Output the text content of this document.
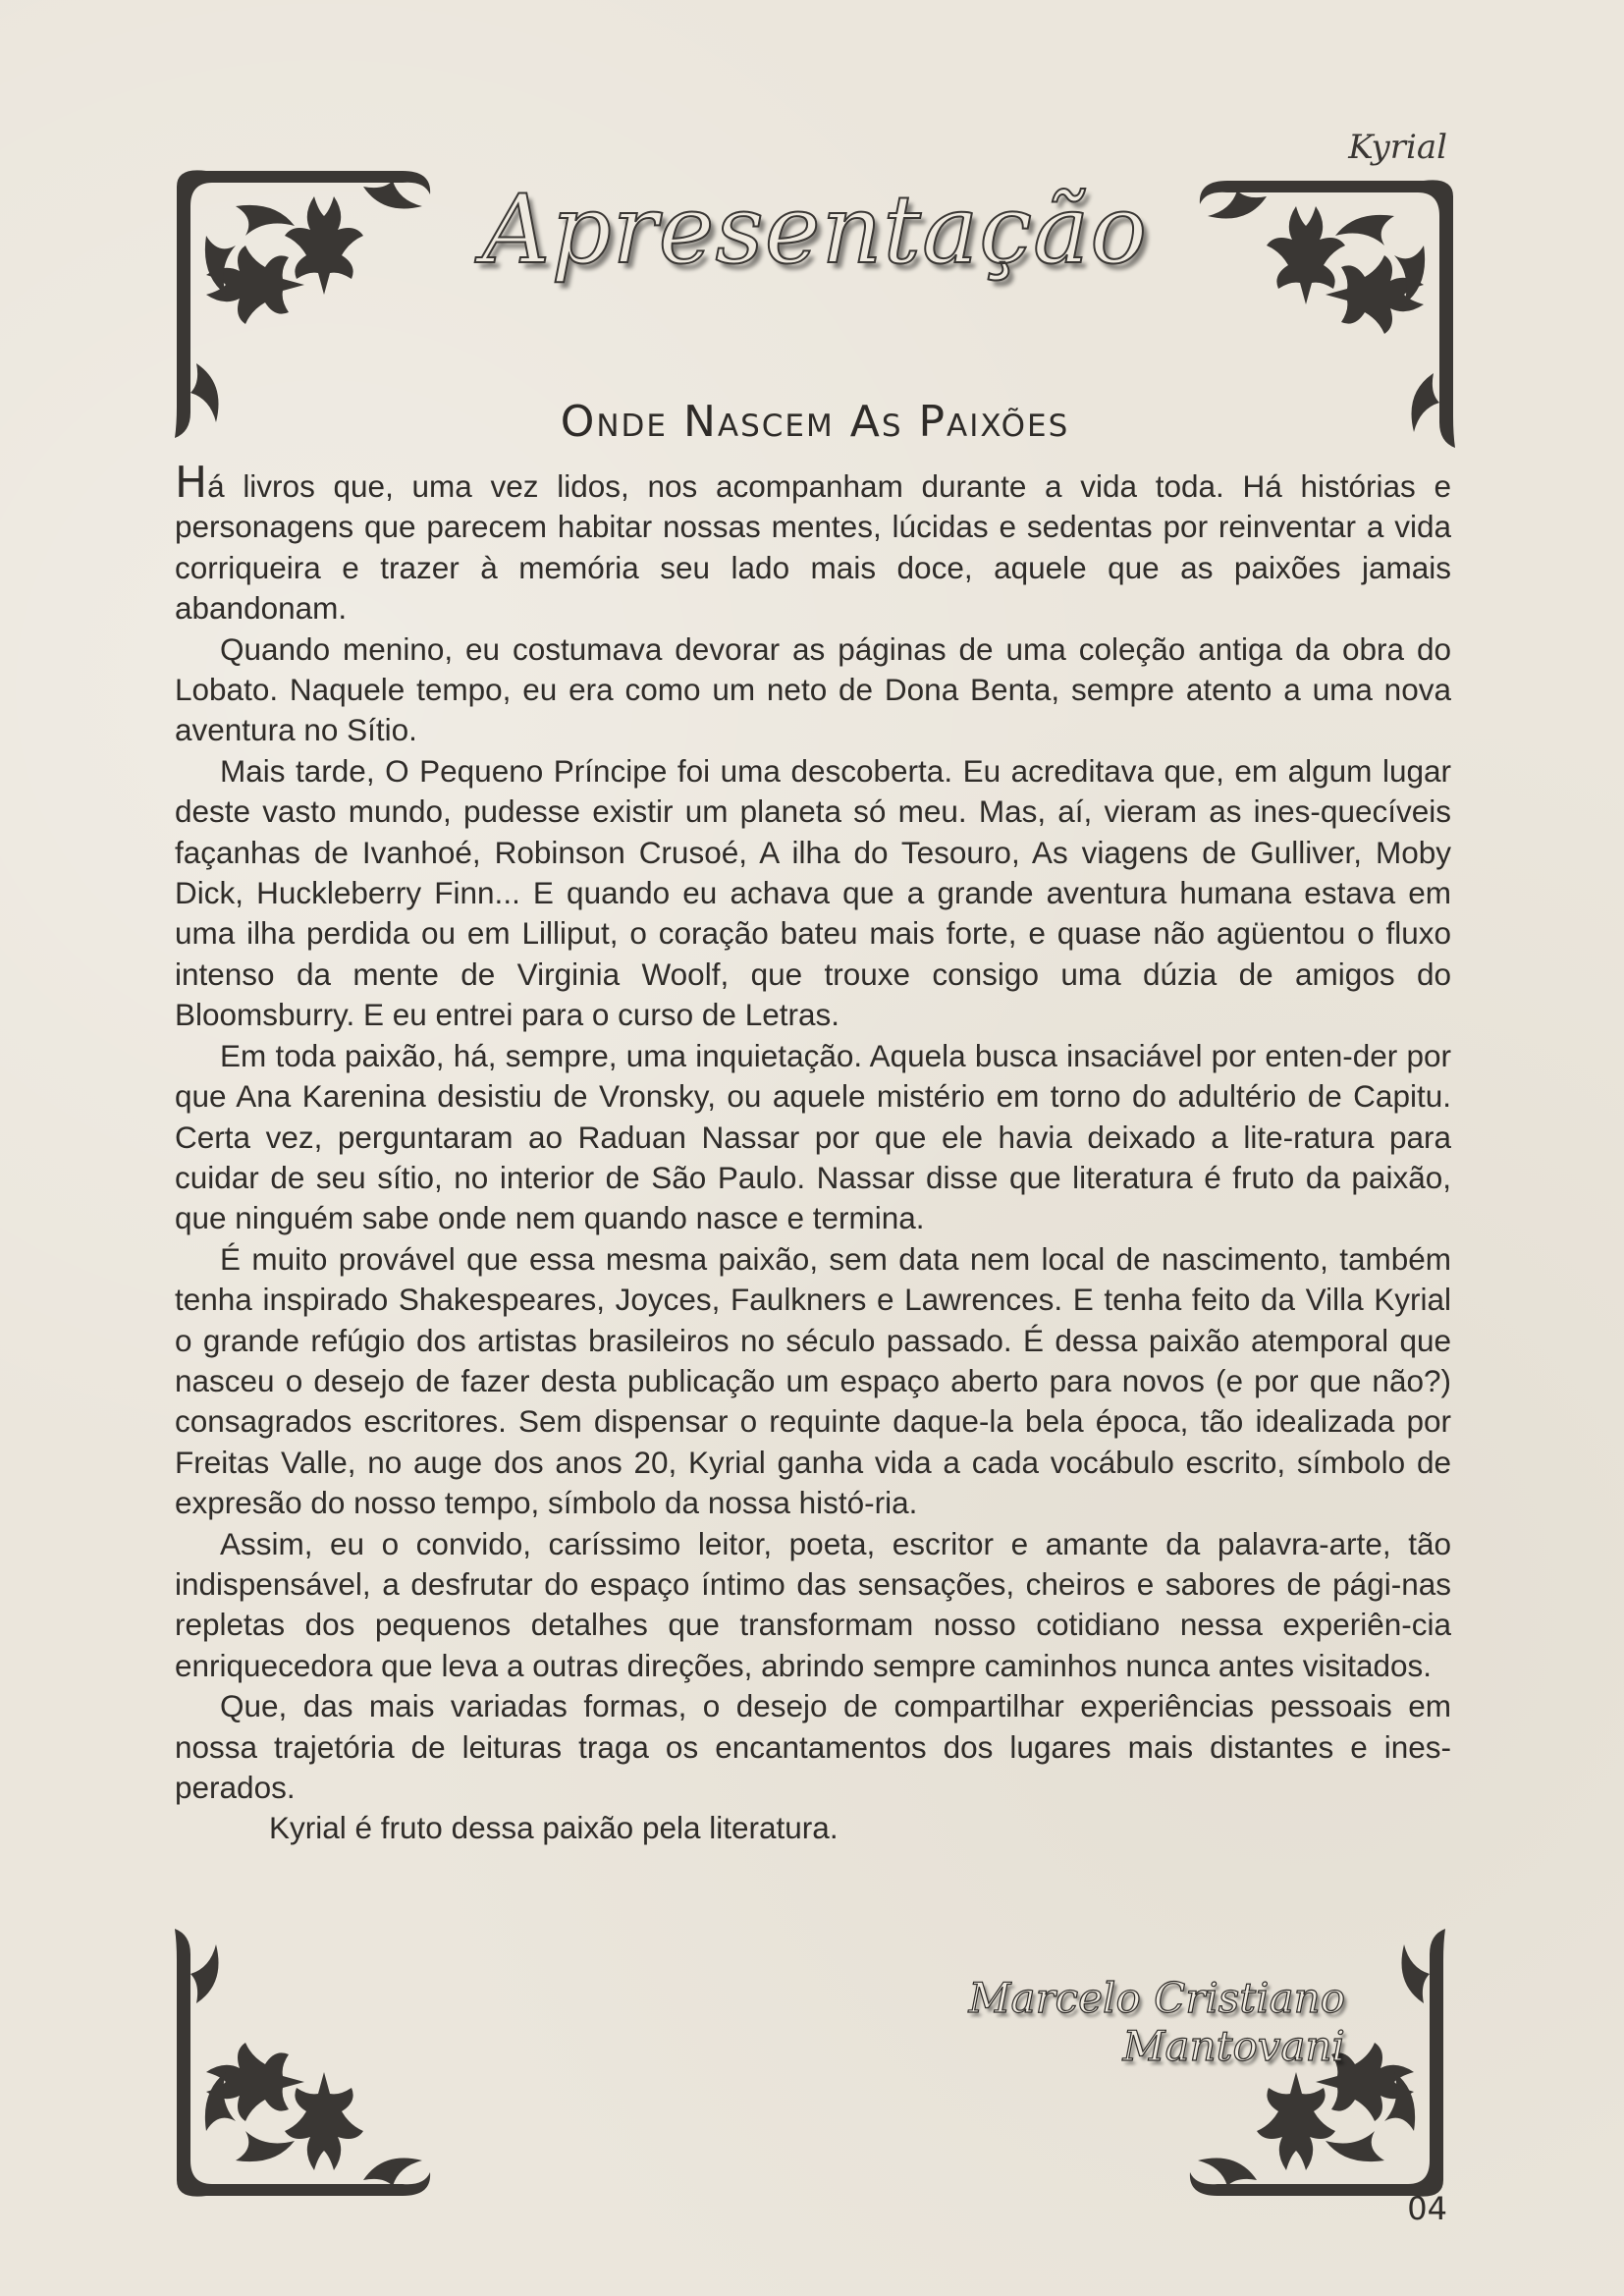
Kyrial
Apresentação
Onde Nascem As Paixões

Há livros que, uma vez lidos, nos acompanham durante a vida toda. Há histórias e personagens que parecem habitar nossas mentes, lúcidas e sedentas por reinventar a vida corriqueira e trazer à memória seu lado mais doce, aquele que as paixões jamais abandonam.

Quando menino, eu costumava devorar as páginas de uma coleção antiga da obra do Lobato. Naquele tempo, eu era como um neto de Dona Benta, sempre atento a uma nova aventura no Sítio.

Mais tarde, O Pequeno Príncipe foi uma descoberta. Eu acreditava que, em algum lugar deste vasto mundo, pudesse existir um planeta só meu. Mas, aí, vieram as ines-quecíveis façanhas de Ivanhoé, Robinson Crusoé, A ilha do Tesouro, As viagens de Gulliver, Moby Dick, Huckleberry Finn... E quando eu achava que a grande aventura humana estava em uma ilha perdida ou em Lilliput, o coração bateu mais forte, e quase não agüentou o fluxo intenso da mente de Virginia Woolf, que trouxe consigo uma dúzia de amigos do Bloomsburry. E eu entrei para o curso de Letras.

Em toda paixão, há, sempre, uma inquietação. Aquela busca insaciável por enten-der por que Ana Karenina desistiu de Vronsky, ou aquele mistério em torno do adultério de Capitu. Certa vez, perguntaram ao Raduan Nassar por que ele havia deixado a lite-ratura para cuidar de seu sítio, no interior de São Paulo. Nassar disse que literatura é fruto da paixão, que ninguém sabe onde nem quando nasce e termina.

É muito provável que essa mesma paixão, sem data nem local de nascimento, também tenha inspirado Shakespeares, Joyces, Faulkners e Lawrences. E tenha feito da Villa Kyrial o grande refúgio dos artistas brasileiros no século passado. É dessa paixão atemporal que nasceu o desejo de fazer desta publicação um espaço aberto para novos (e por que não?) consagrados escritores. Sem dispensar o requinte daque-la bela época, tão idealizada por Freitas Valle, no auge dos anos 20, Kyrial ganha vida a cada vocábulo escrito, símbolo de expresão do nosso tempo, símbolo da nossa histó-ria.

Assim, eu o convido, caríssimo leitor, poeta, escritor e amante da palavra-arte, tão indispensável, a desfrutar do espaço íntimo das sensações, cheiros e sabores de pági-nas repletas dos pequenos detalhes que transformam nosso cotidiano nessa experiên-cia enriquecedora que leva a outras direções, abrindo sempre caminhos nunca antes visitados.

Que, das mais variadas formas, o desejo de compartilhar experiências pessoais em nossa trajetória de leituras traga os encantamentos dos lugares mais distantes e ines-perados.

Kyrial é fruto dessa paixão pela literatura.

Marcelo Cristiano Mantovani
04
